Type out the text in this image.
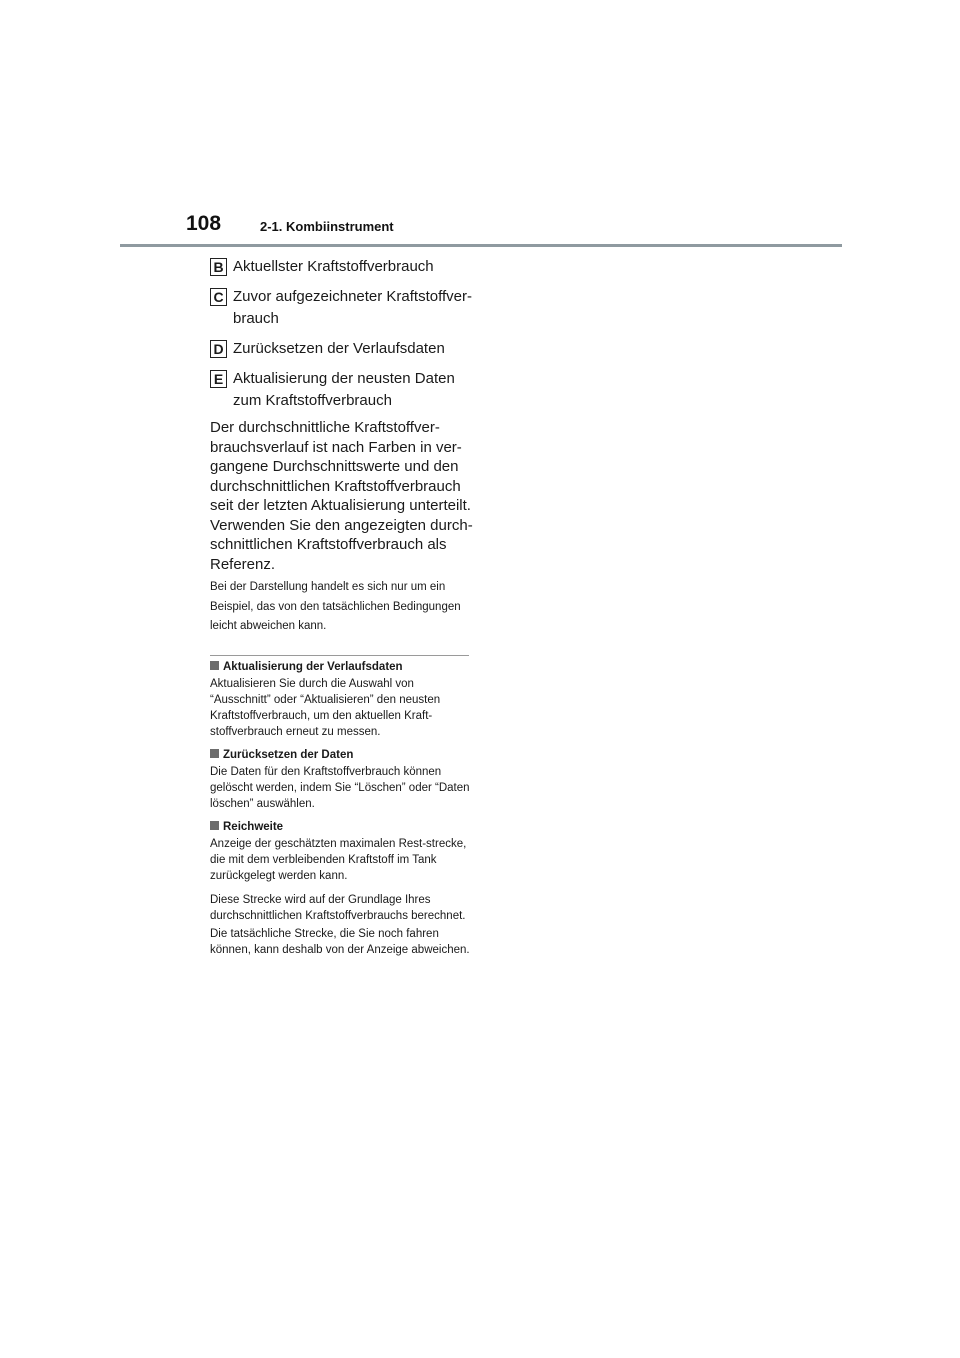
108	2-1. Kombiinstrument
B Aktuellster Kraftstoffverbrauch
C Zuvor aufgezeichneter Kraftstoffver-brauch
D Zurücksetzen der Verlaufsdaten
E Aktualisierung der neusten Daten zum Kraftstoffverbrauch

Der durchschnittliche Kraftstoffver-brauchsverlauf ist nach Farben in ver-gangene Durchschnittswerte und den durchschnittlichen Kraftstoffverbrauch seit der letzten Aktualisierung unterteilt. Verwenden Sie den angezeigten durch-schnittlichen Kraftstoffverbrauch als Referenz.

Bei der Darstellung handelt es sich nur um ein Beispiel, das von den tatsächlichen Bedingungen leicht abweichen kann.

Aktualisierung der Verlaufsdaten

Aktualisieren Sie durch die Auswahl von “Ausschnitt” oder “Aktualisieren” den neusten Kraftstoffverbrauch, um den aktuellen Kraft-stoffverbrauch erneut zu messen.

Zurücksetzen der Daten

Die Daten für den Kraftstoffverbrauch können gelöscht werden, indem Sie “Löschen” oder “Daten löschen” auswählen.

Reichweite

Anzeige der geschätzten maximalen Rest-strecke, die mit dem verbleibenden Kraftstoff im Tank zurückgelegt werden kann.

Diese Strecke wird auf der Grundlage Ihres durchschnittlichen Kraftstoffverbrauchs berechnet.

Die tatsächliche Strecke, die Sie noch fahren können, kann deshalb von der Anzeige abweichen.
